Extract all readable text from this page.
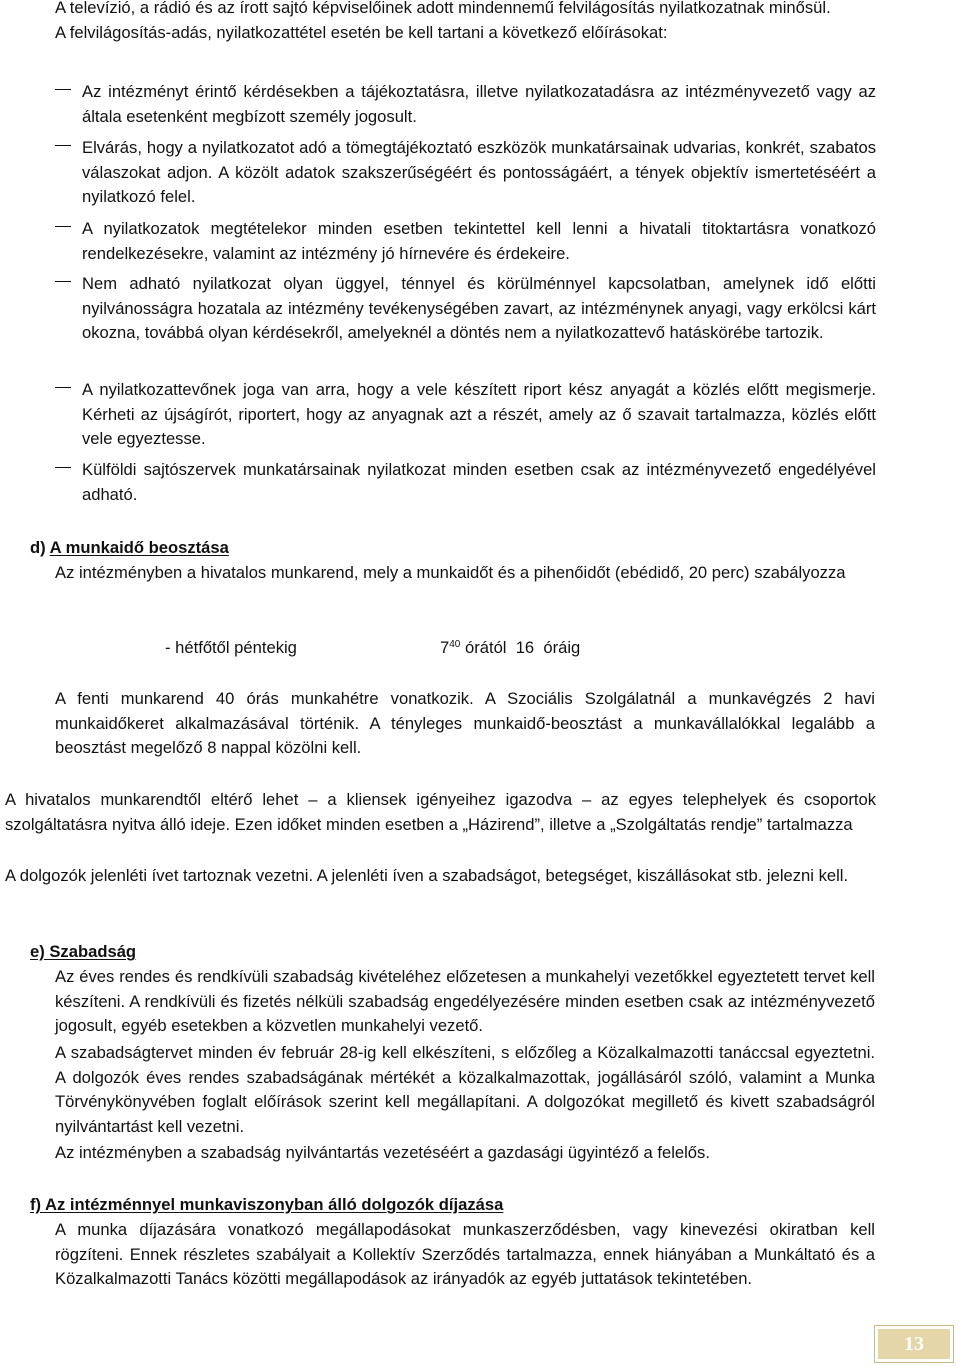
A televízió, a rádió és az írott sajtó képviselőinek adott mindennemű felvilágosítás nyilatkozatnak minősül.
A felvilágosítás-adás, nyilatkozattétel esetén be kell tartani a következő előírásokat:
Az intézményt érintő kérdésekben a tájékoztatásra, illetve nyilatkozatadásra az intézményvezető vagy az általa esetenként megbízott személy jogosult.
Elvárás, hogy a nyilatkozatot adó a tömegtájékoztató eszközök munkatársainak udvarias, konkrét, szabatos válaszokat adjon. A közölt adatok szakszerűségéért és pontosságáért, a tények objektív ismertetéséért a nyilatkozó felel.
A nyilatkozatok megtételekor minden esetben tekintettel kell lenni a hivatali titoktartásra vonatkozó rendelkezésekre, valamint az intézmény jó hírnevére és érdekeire.
Nem adható nyilatkozat olyan üggyel, ténnyel és körülménnyel kapcsolatban, amelynek idő előtti nyilvánosságra hozatala az intézmény tevékenységében zavart, az intézménynek anyagi, vagy erkölcsi kárt okozna, továbbá olyan kérdésekről, amelyeknél a döntés nem a nyilatkozattevő hatáskörébe tartozik.
A nyilatkozattevőnek joga van arra, hogy a vele készített riport kész anyagát a közlés előtt megismerje. Kérheti az újságírót, riportert, hogy az anyagnak azt a részét, amely az ő szavait tartalmazza, közlés előtt vele egyeztesse.
Külföldi sajtószervek munkatársainak nyilatkozat minden esetben csak az intézményvezető engedélyével adható.
d) A munkaidő beosztása
Az intézményben a hivatalos munkarend, mely a munkaidőt és a pihenőidőt (ebédidő, 20 perc) szabályozza
- hétfőtől péntekig	$7^{40}$ órától  16  óráig
A fenti munkarend 40 órás munkahétre vonatkozik. A Szociális Szolgálatnál a munkavégzés 2 havi munkaidőkeret alkalmazásával történik. A tényleges munkaidő-beosztást a munkavállalókkal legalább a beosztást megelőző 8 nappal közölni kell.
A hivatalos munkarendtől eltérő lehet – a kliensek igényeihez igazodva – az egyes telephelyek és csoportok szolgáltatásra nyitva álló ideje. Ezen időket minden esetben a „Házirend”, illetve a „Szolgáltatás rendje” tartalmazza
A dolgozók jelenléti ívet tartoznak vezetni. A jelenléti íven a szabadságot, betegséget, kiszállásokat stb. jelezni kell.
e) Szabadság
Az éves rendes és rendkívüli szabadság kivételéhez előzetesen a munkahelyi vezetőkkel egyeztetett tervet kell készíteni. A rendkívüli és fizetés nélküli szabadság engedélyezésére minden esetben csak az intézményvezető jogosult, egyéb esetekben a közvetlen munkahelyi vezető.
A szabadságtervet minden év február 28-ig kell elkészíteni, s előzőleg a Közalkalmazotti tanáccsal egyeztetni. A dolgozók éves rendes szabadságának mértékét a közalkalmazottak, jogállásáról szóló, valamint a Munka Törvénykönyvében foglalt előírások szerint kell megállapítani. A dolgozókat megillető és kivett szabadságról nyilvántartást kell vezetni.
Az intézményben a szabadság nyilvántartás vezetéséért a gazdasági ügyintéző a felelős.
f) Az intézménnyel munkaviszonyban álló dolgozók díjazása
A munka díjazására vonatkozó megállapodásokat munkaszerződésben, vagy kinevezési okiratban kell rögzíteni. Ennek részletes szabályait a Kollektív Szerződés tartalmazza, ennek hiányában a Munkáltató és a Közalkalmazotti Tanács közötti megállapodások az irányadók az egyéb juttatások tekintetében.
13
